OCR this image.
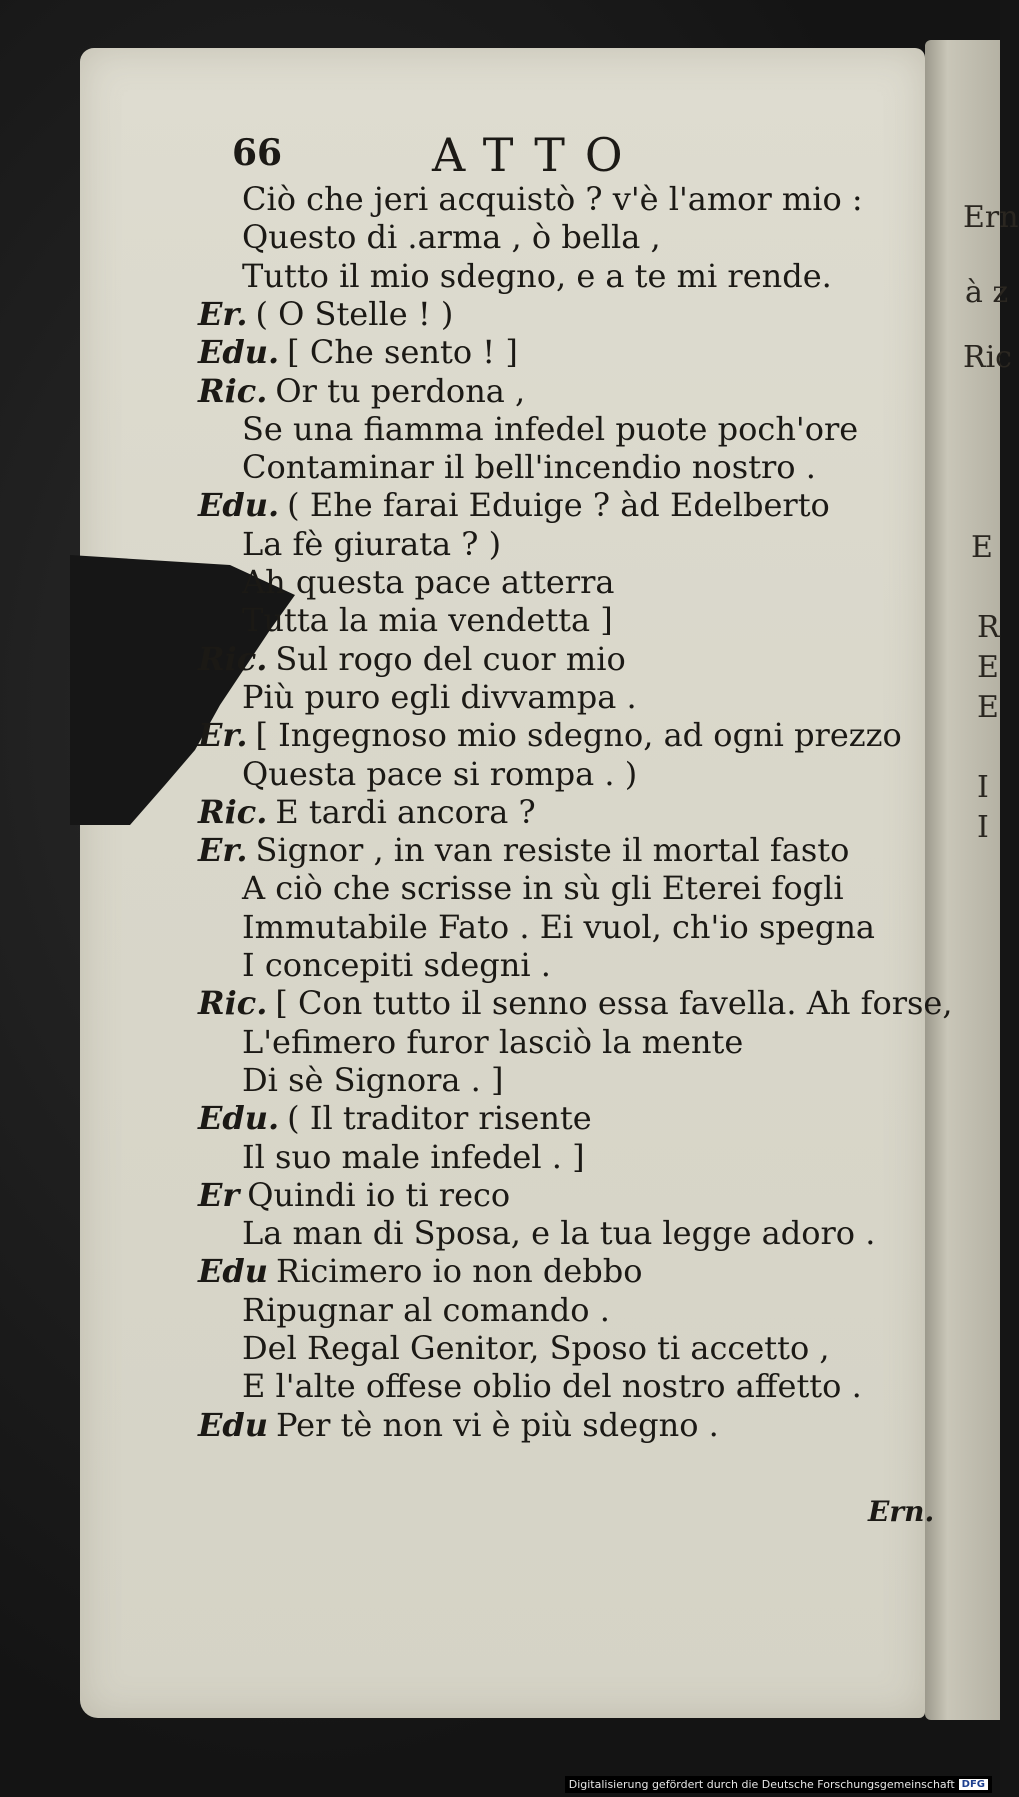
Ern
à z
Ric
E
R
E
E
I
I
66	ATTO
Ciò che jeri acquistò ? v'è l'amor mio :
Questo di .arma , ò bella ,
Tutto il mio sdegno, e a te mi rende.
Er. ( O Stelle ! )
Edu. [ Che sento ! ]
Ric. Or tu perdona ,
Se una fiamma infedel puote poch'ore
Contaminar il bell'incendio nostro .
Edu. ( Ehe farai Eduige ? àd Edelberto
La fè giurata ? )
Ah questa pace atterra
Tutta la mia vendetta ]
Ric. Sul rogo del cuor mio
Più puro egli divvampa .
Er. [ Ingegnoso mio sdegno, ad ogni prezzo
Questa pace si rompa . )
Ric. E tardi ancora ?
Er. Signor , in van resiste il mortal fasto
A ciò che scrisse in sù gli Eterei fogli
Immutabile Fato . Ei vuol, ch'io spegna
I concepiti sdegni .
Ric. [ Con tutto il senno essa favella. Ah forse,
L'efimero furor lasciò la mente
Di sè Signora . ]
Edu. ( Il traditor risente
Il suo male infedel . ]
Er Quindi io ti reco
La man di Sposa, e la tua legge adoro .
Edu Ricimero io non debbo
Ripugnar al comando .
Del Regal Genitor, Sposo ti accetto ,
E l'alte offese oblio del nostro affetto .
Edu Per tè non vi è più sdegno .
Ern.
Digitalisierung gefördert durch die Deutsche Forschungsgemeinschaft DFG
